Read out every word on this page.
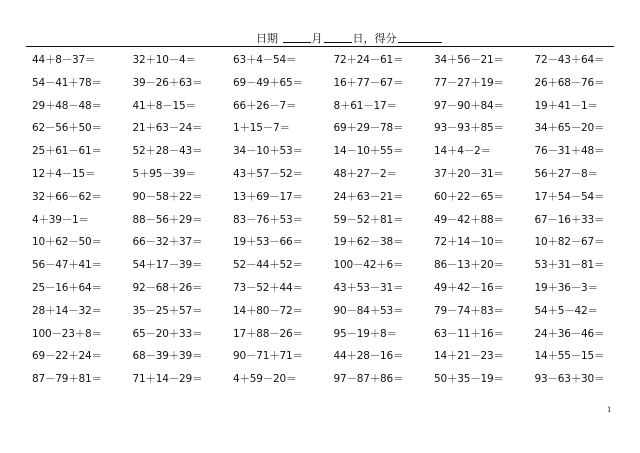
日期	月	日，得分
44＋8－37＝	32＋10－4＝	63＋4－54＝	72＋24－61＝	34＋56－21＝	72－43＋64＝
54－41＋78＝	39－26＋63＝	69－49＋65＝	16＋77－67＝	77－27＋19＝	26＋68－76＝
29＋48－48＝	41＋8－15＝	66＋26－7＝	8＋61－17＝	97－90＋84＝	19＋41－1＝
62－56＋50＝	21＋63－24＝	1＋15－7＝	69＋29－78＝	93－93＋85＝	34＋65－20＝
25＋61－61＝	52＋28－43＝	34－10＋53＝	14－10＋55＝	14＋4－2＝	76－31＋48＝
12＋4－15＝	5＋95－39＝	43＋57－52＝	48＋27－2＝	37＋20－31＝	56＋27－8＝
32＋66－62＝	90－58＋22＝	13＋69－17＝	24＋63－21＝	60＋22－65＝	17＋54－54＝
4＋39－1＝	88－56＋29＝	83－76＋53＝	59－52＋81＝	49－42＋88＝	67－16＋33＝
10＋62－50＝	66－32＋37＝	19＋53－66＝	19＋62－38＝	72＋14－10＝	10＋82－67＝
56－47＋41＝	54＋17－39＝	52－44＋52＝	100－42＋6＝	86－13＋20＝	53＋31－81＝
25－16＋64＝	92－68＋26＝	73－52＋44＝	43＋53－31＝	49＋42－16＝	19＋36－3＝
28＋14－32＝	35－25＋57＝	14＋80－72＝	90－84＋53＝	79－74＋83＝	54＋5－42＝
100－23＋8＝	65－20＋33＝	17＋88－26＝	95－19＋8＝	63－11＋16＝	24＋36－46＝
69－22＋24＝	68－39＋39＝	90－71＋71＝	44＋28－16＝	14＋21－23＝	14＋55－15＝
87－79＋81＝	71＋14－29＝	4＋59－20＝	97－87＋86＝	50＋35－19＝	93－63＋30＝
1
